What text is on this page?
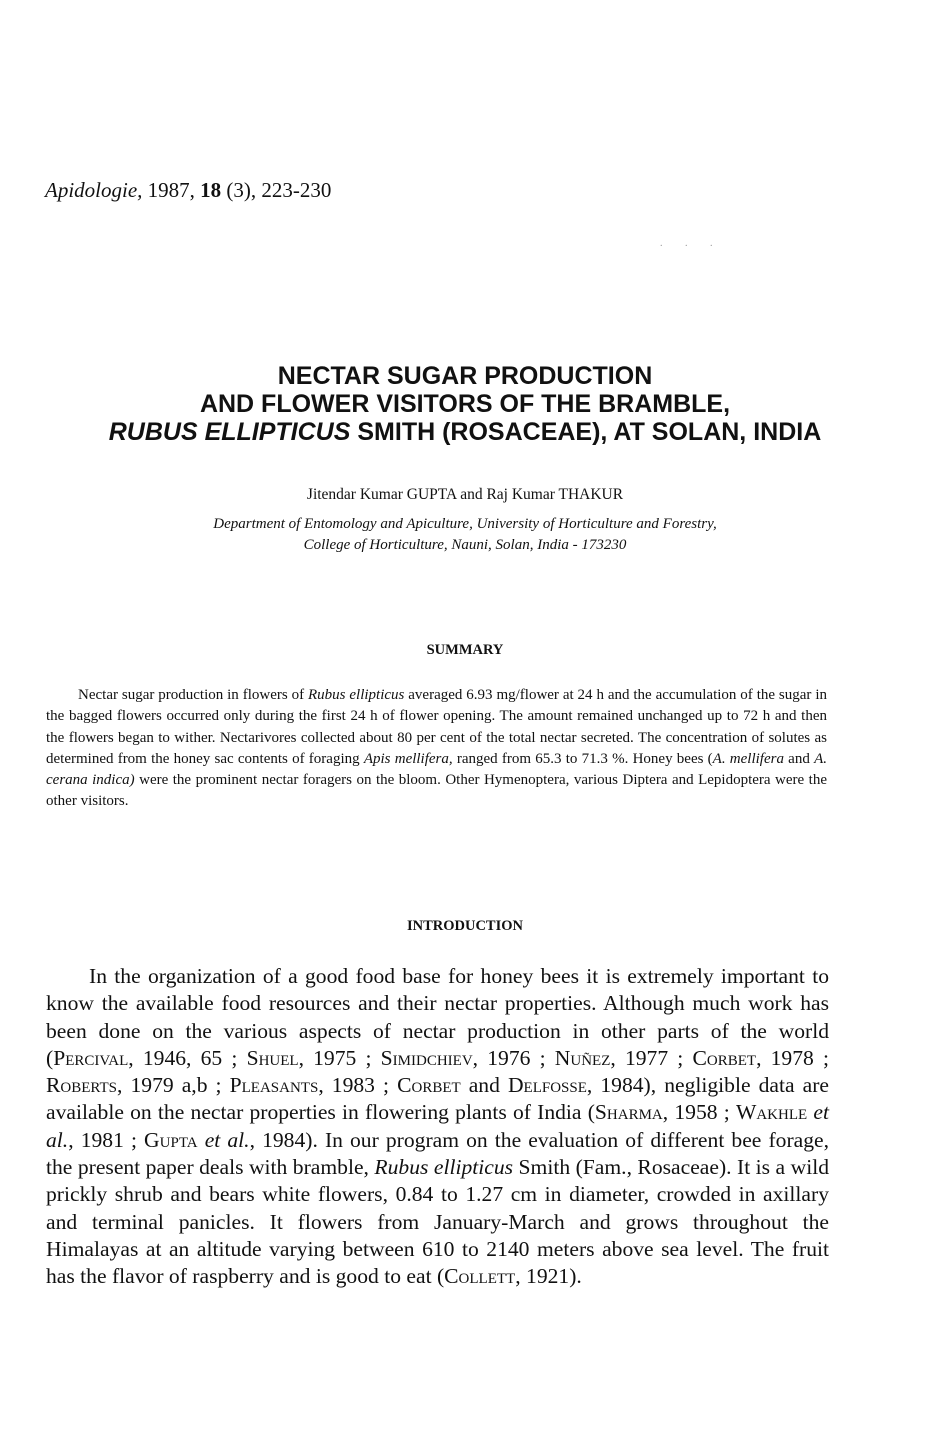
Apidologie, 1987, 18 (3), 223-230
. . .
NECTAR SUGAR PRODUCTION
AND FLOWER VISITORS OF THE BRAMBLE,
RUBUS ELLIPTICUS SMITH (ROSACEAE), AT SOLAN, INDIA
Jitendar Kumar GUPTA and Raj Kumar THAKUR
Department of Entomology and Apiculture, University of Horticulture and Forestry,
College of Horticulture, Nauni, Solan, India - 173230
SUMMARY
Nectar sugar production in flowers of Rubus ellipticus averaged 6.93 mg/flower at 24 h and the accumulation of the sugar in the bagged flowers occurred only during the first 24 h of flower opening. The amount remained unchanged up to 72 h and then the flowers began to wither. Nectarivores collected about 80 per cent of the total nectar secreted. The concentration of solutes as determined from the honey sac contents of foraging Apis mellifera, ranged from 65.3 to 71.3 %. Honey bees (A. mellifera and A. cerana indica) were the prominent nectar foragers on the bloom. Other Hymenoptera, various Diptera and Lepidoptera were the other visitors.
INTRODUCTION
In the organization of a good food base for honey bees it is extremely important to know the available food resources and their nectar properties. Although much work has been done on the various aspects of nectar production in other parts of the world (Percival, 1946, 65 ; Shuel, 1975 ; Simidchiev, 1976 ; Nuñez, 1977 ; Corbet, 1978 ; Roberts, 1979 a,b ; Pleasants, 1983 ; Corbet and Delfosse, 1984), negligible data are available on the nectar properties in flowering plants of India (Sharma, 1958 ; Wakhle et al., 1981 ; Gupta et al., 1984). In our program on the evaluation of different bee forage, the present paper deals with bramble, Rubus ellipticus Smith (Fam., Rosaceae). It is a wild prickly shrub and bears white flowers, 0.84 to 1.27 cm in diameter, crowded in axillary and terminal panicles. It flowers from January-March and grows throughout the Himalayas at an altitude varying between 610 to 2140 meters above sea level. The fruit has the flavor of raspberry and is good to eat (Collett, 1921).
